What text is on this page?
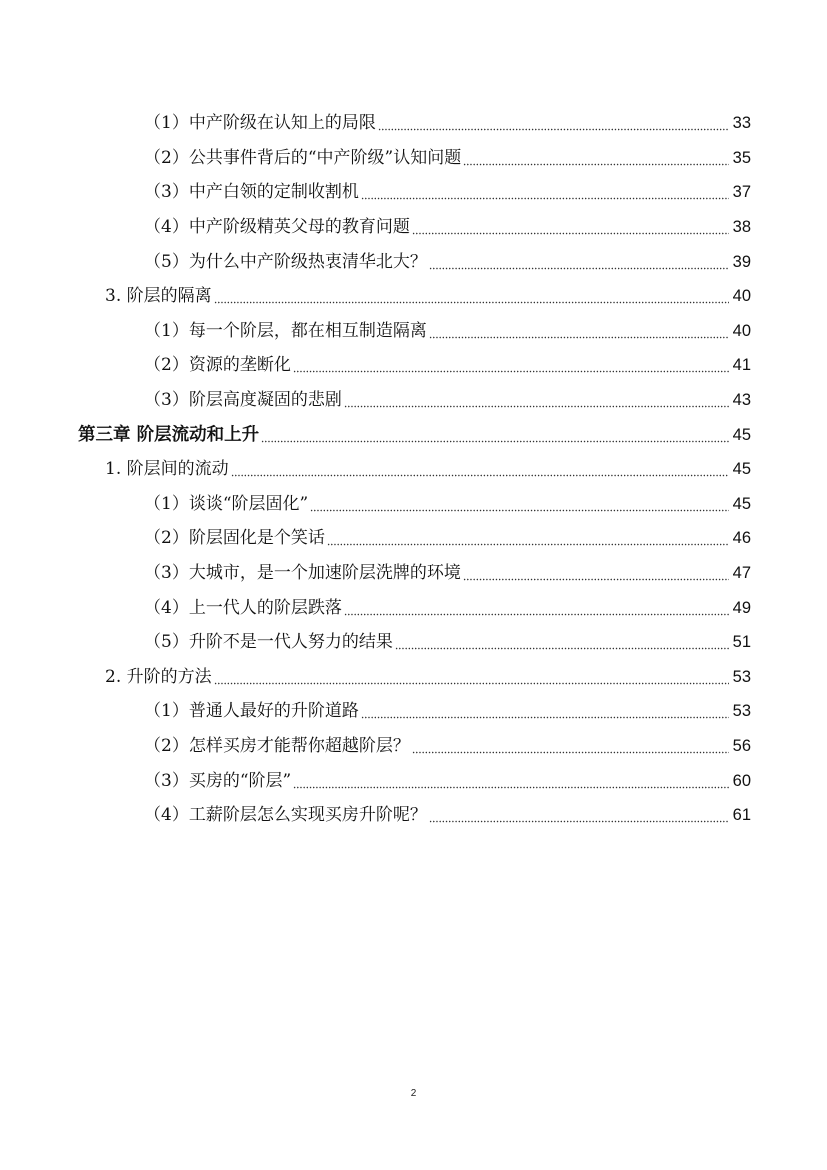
（1）中产阶级在认知上的局限	33
（2）公共事件背后的“中产阶级”认知问题	35
（3）中产白领的定制收割机	37
（4）中产阶级精英父母的教育问题	38
（5）为什么中产阶级热衷清华北大？	39
3. 阶层的隔离	40
（1）每一个阶层，都在相互制造隔离	40
（2）资源的垄断化	41
（3）阶层高度凝固的悲剧	43
第三章 阶层流动和上升	45
1. 阶层间的流动	45
（1）谈谈“阶层固化”	45
（2）阶层固化是个笑话	46
（3）大城市，是一个加速阶层洗牌的环境	47
（4）上一代人的阶层跌落	49
（5）升阶不是一代人努力的结果	51
2. 升阶的方法	53
（1）普通人最好的升阶道路	53
（2）怎样买房才能帮你超越阶层？	56
（3）买房的“阶层”	60
（4）工薪阶层怎么实现买房升阶呢？	61
2
